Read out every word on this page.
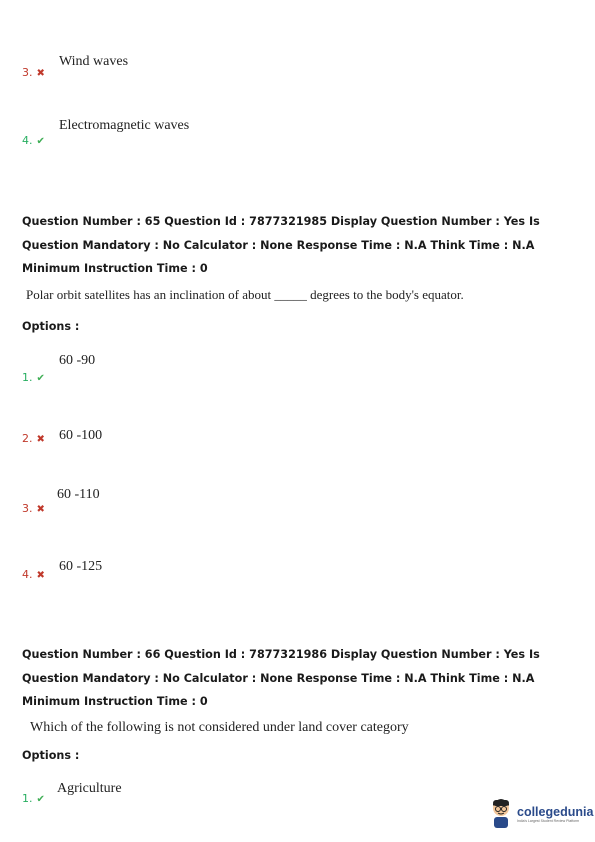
Wind waves
3. ✖
Electromagnetic waves
4. ✔
Question Number : 65 Question Id : 7877321985 Display Question Number : Yes Is Question Mandatory : No Calculator : None Response Time : N.A Think Time : N.A Minimum Instruction Time : 0
Polar orbit satellites has an inclination of about _____ degrees to the body's equator.
Options :
60 -90
1. ✔
60 -100
2. ✖
60 -110
3. ✖
60 -125
4. ✖
Question Number : 66 Question Id : 7877321986 Display Question Number : Yes Is Question Mandatory : No Calculator : None Response Time : N.A Think Time : N.A Minimum Instruction Time : 0
Which of the following is not considered under land cover category
Options :
Agriculture
1. ✔
collegedunia
India's Largest Student Review Platform
